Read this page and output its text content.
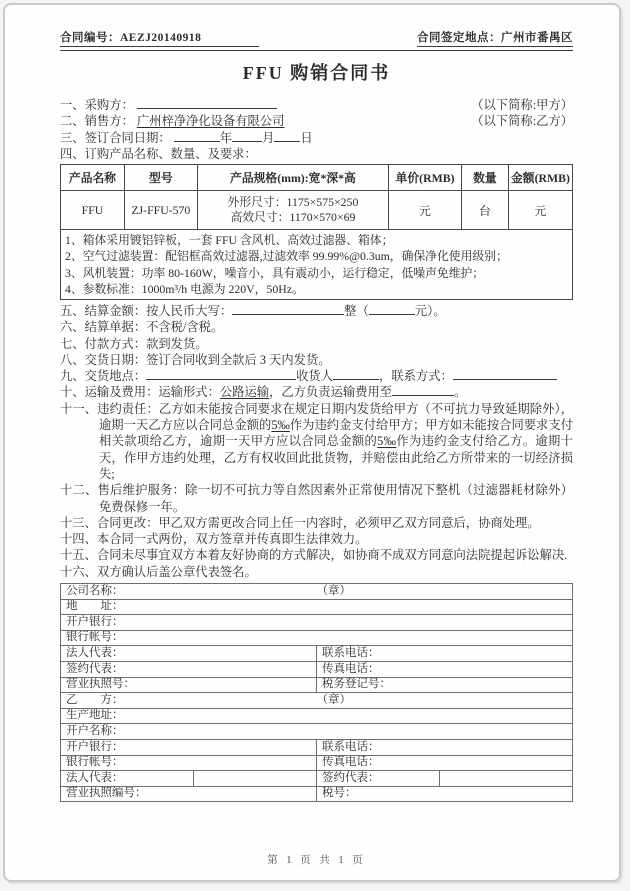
合同编号：AEZJ20140918	合同签定地点：广州市番禺区
FFU 购销合同书
（以下简称:甲方）
一、采购方：
（以下简称:乙方）
二、销售方： 广州梓净净化设备有限公司
三、签订合同日期：	年 月 日
四、订购产品名称、数量、及要求：
产品名称	型号	产品规格(mm):宽*深*高	单价(RMB)	数量	金额(RMB)
FFU	ZJ-FFU-570	外形尺寸：1175×575×250
高效尺寸：1170×570×69	元	台	元

1、箱体采用镀铝锌板，一套 FFU 含风机、高效过滤器、箱体；
2、空气过滤装置：配铝框高效过滤器,过滤效率 99.99%@0.3um，确保净化使用级别；
3、风机装置：功率 80-160W，噪音小，具有震动小，运行稳定，低噪声免维护；
4、参数标准：1000m³/h 电源为 220V，50Hz。					
五、结算金额：按人民币大写：	整（	元）。
六、结算单据：不含税/含税。
七、付款方式：款到发货。
八、交货日期：签订合同收到全款后 3 天内发货。
九、交货地点：	收货人	，联系方式：
十、运输及费用：运输形式：公路运输，乙方负责运输费用至	。
十一、违约责任：乙方如未能按合同要求在规定日期内发货给甲方（不可抗力导致延期除外），逾期一天乙方应以合同总金额的5‰作为违约金支付给甲方；甲方如未能按合同要求支付相关款项给乙方，逾期一天甲方应以合同总金额的5‰作为违约金支付给乙方。逾期十天，作甲方违约处理，乙方有权收回此批货物，并赔偿由此给乙方所带来的一切经济损失;
十二、售后维护服务：除一切不可抗力等自然因素外正常使用情况下整机（过滤器耗材除外）免费保修一年。
十三、合同更改：甲乙双方需更改合同上任一内容时，必须甲乙双方同意后，协商处理。
十四、本合同一式两份，双方签章并传真即生法律效力。
十五、合同未尽事宜双方本着友好协商的方式解决，如协商不成双方同意向法院提起诉讼解决.
十六、双方确认后盖公章代表签名。
公司名称： （章）			
地　　址：			
开户银行：			
银行帐号：			
法人代表：		联系电话：	
签约代表：		传真电话：	
营业执照号：		税务登记号：	
乙　　方： （章）			
生产地址：			
开户名称：			
开户银行：		联系电话：	
银行帐号：		传真电话：	
法人代表：		签约代表：	
营业执照编号：		税号：	
第 1 页 共 1 页
